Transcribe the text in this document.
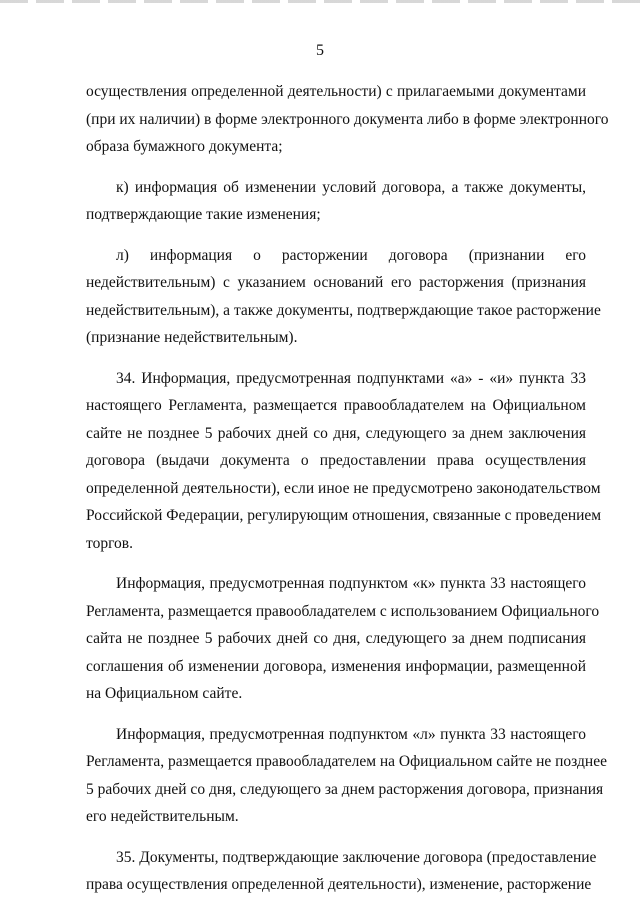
5

осуществления определенной деятельности) с прилагаемыми документами
(при их наличии) в форме электронного документа либо в форме электронного
образа бумажного документа;

к) информация об изменении условий договора, а также документы,
подтверждающие такие изменения;

л) информация о расторжении договора (признании его
недействительным) с указанием оснований его расторжения (признания
недействительным), а также документы, подтверждающие такое расторжение
(признание недействительным).

34. Информация, предусмотренная подпунктами «а» - «и» пункта 33
настоящего Регламента, размещается правообладателем на Официальном
сайте не позднее 5 рабочих дней со дня, следующего за днем заключения
договора (выдачи документа о предоставлении права осуществления
определенной деятельности), если иное не предусмотрено законодательством
Российской Федерации, регулирующим отношения, связанные с проведением
торгов.

Информация, предусмотренная подпунктом «к» пункта 33 настоящего
Регламента, размещается правообладателем с использованием Официального
сайта не позднее 5 рабочих дней со дня, следующего за днем подписания
соглашения об изменении договора, изменения информации, размещенной
на Официальном сайте.

Информация, предусмотренная подпунктом «л» пункта 33 настоящего
Регламента, размещается правообладателем на Официальном сайте не позднее
5 рабочих дней со дня, следующего за днем расторжения договора, признания
его недействительным.

35. Документы, подтверждающие заключение договора (предоставление
права осуществления определенной деятельности), изменение, расторжение
